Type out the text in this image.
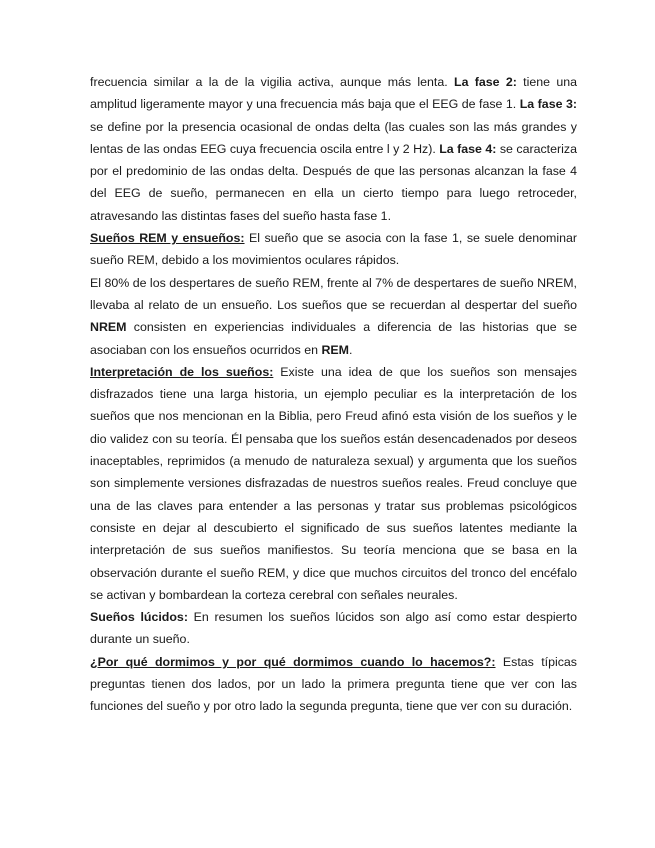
frecuencia similar a la de la vigilia activa, aunque más lenta. La fase 2: tiene una amplitud ligeramente mayor y una frecuencia más baja que el EEG de fase 1. La fase 3: se define por la presencia ocasional de ondas delta (las cuales son las más grandes y lentas de las ondas EEG cuya frecuencia oscila entre l y 2 Hz). La fase 4: se caracteriza por el predominio de las ondas delta. Después de que las personas alcanzan la fase 4 del EEG de sueño, permanecen en ella un cierto tiempo para luego retroceder, atravesando las distintas fases del sueño hasta fase 1.

Sueños REM y ensueños: El sueño que se asocia con la fase 1, se suele denominar sueño REM, debido a los movimientos oculares rápidos.

El 80% de los despertares de sueño REM, frente al 7% de despertares de sueño NREM, llevaba al relato de un ensueño. Los sueños que se recuerdan al despertar del sueño NREM consisten en experiencias individuales a diferencia de las historias que se asociaban con los ensueños ocurridos en REM.

Interpretación de los sueños: Existe una idea de que los sueños son mensajes disfrazados tiene una larga historia, un ejemplo peculiar es la interpretación de los sueños que nos mencionan en la Biblia, pero Freud afinó esta visión de los sueños y le dio validez con su teoría. Él pensaba que los sueños están desencadenados por deseos inaceptables, reprimidos (a menudo de naturaleza sexual) y argumenta que los sueños son simplemente versiones disfrazadas de nuestros sueños reales. Freud concluye que una de las claves para entender a las personas y tratar sus problemas psicológicos consiste en dejar al descubierto el significado de sus sueños latentes mediante la interpretación de sus sueños manifiestos. Su teoría menciona que se basa en la observación durante el sueño REM, y dice que muchos circuitos del tronco del encéfalo se activan y bombardean la corteza cerebral con señales neurales.

Sueños lúcidos: En resumen los sueños lúcidos son algo así como estar despierto durante un sueño.

¿Por qué dormimos y por qué dormimos cuando lo hacemos?: Estas típicas preguntas tienen dos lados, por un lado la primera pregunta tiene que ver con las funciones del sueño y por otro lado la segunda pregunta, tiene que ver con su duración.
